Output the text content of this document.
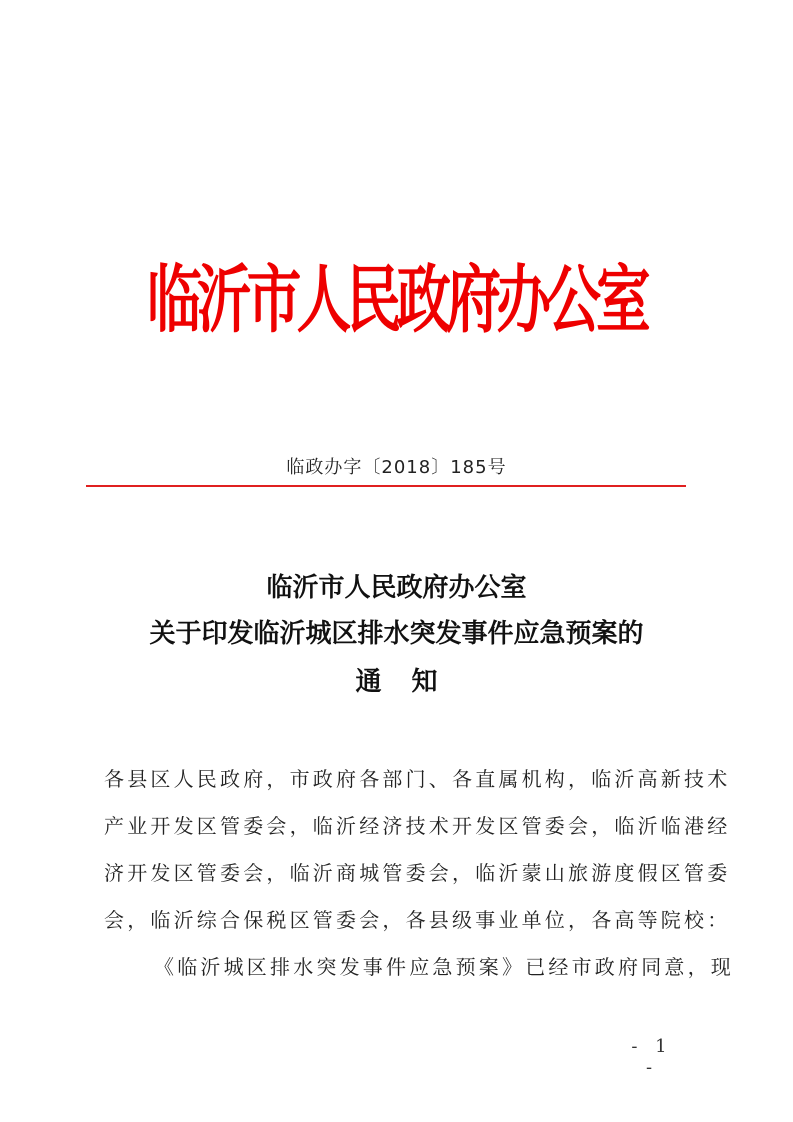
临沂市人民政府办公室
临政办字〔2018〕185号
临沂市人民政府办公室
关于印发临沂城区排水突发事件应急预案的
通知
各县区人民政府，市政府各部门、各直属机构，临沂高新技术
产业开发区管委会，临沂经济技术开发区管委会，临沂临港经
济开发区管委会，临沂商城管委会，临沂蒙山旅游度假区管委
会，临沂综合保税区管委会，各县级事业单位，各高等院校：
《临沂城区排水突发事件应急预案》已经市政府同意，现
- 1 -
